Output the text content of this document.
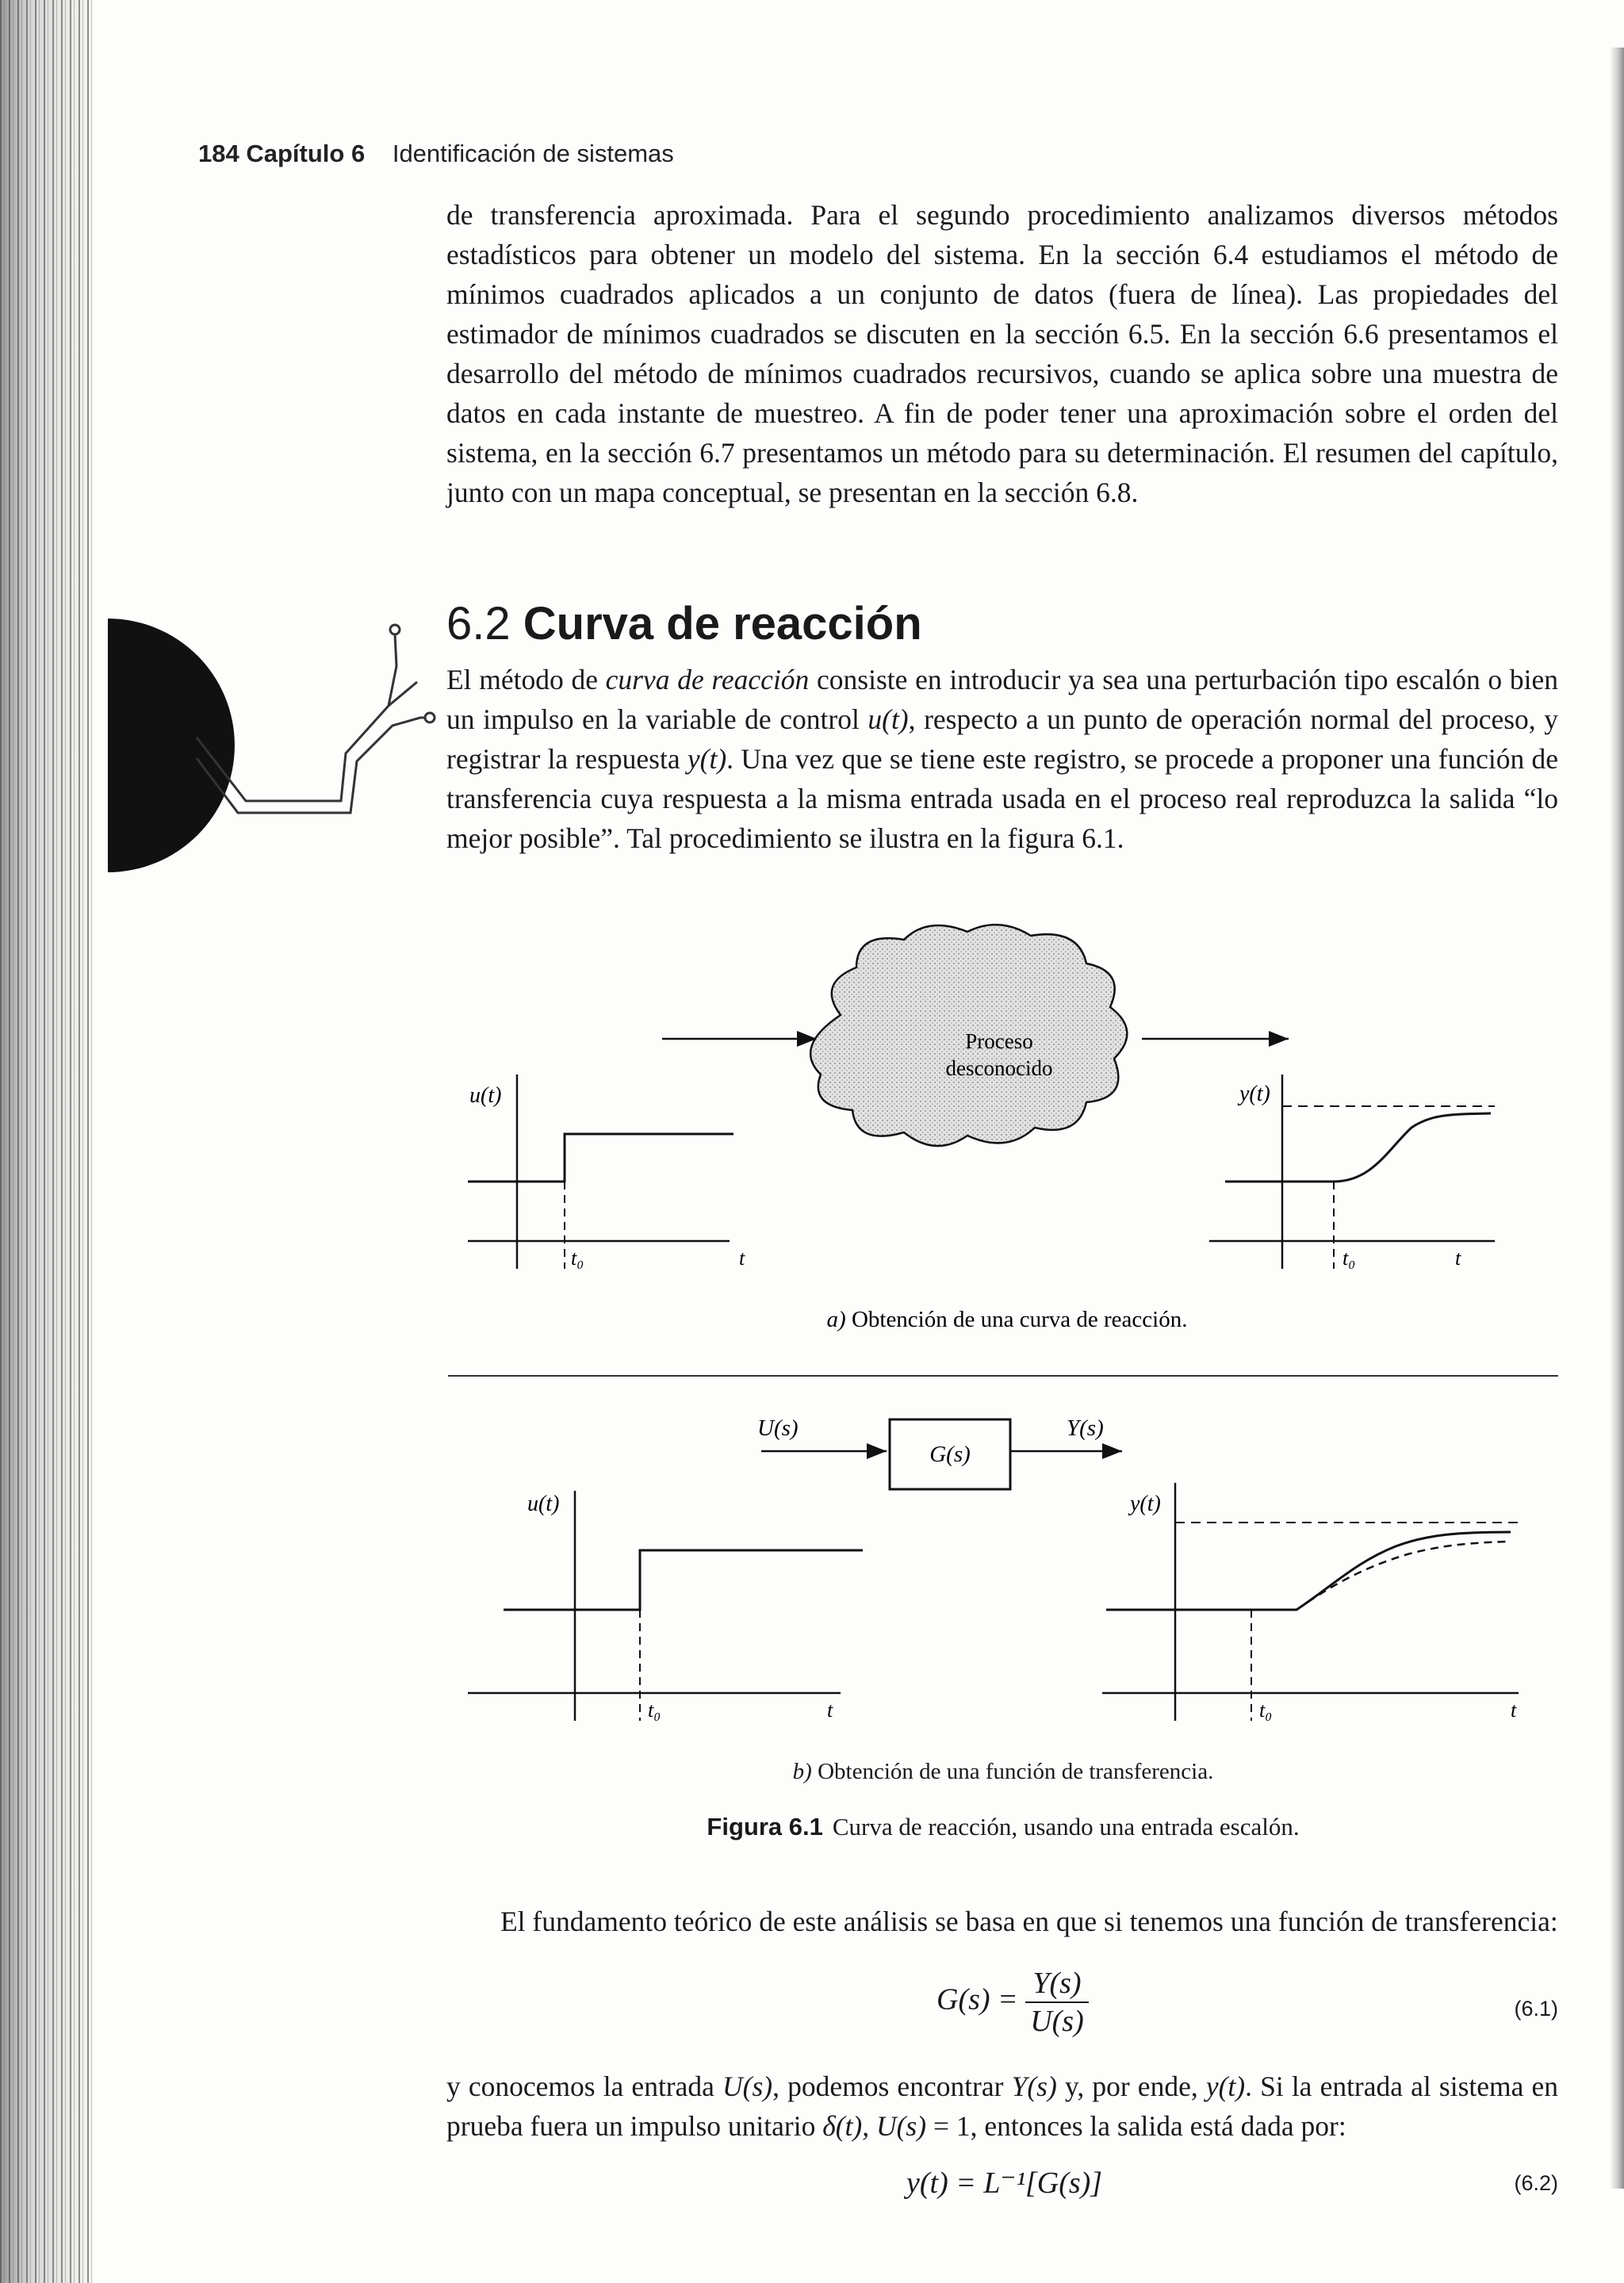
184 Capítulo 6 Identificación de sistemas

de transferencia aproximada. Para el segundo procedimiento analizamos diversos métodos estadísticos para obtener un modelo del sistema. En la sección 6.4 estudiamos el método de mínimos cuadrados aplicados a un conjunto de datos (fuera de línea). Las propiedades del estimador de mínimos cuadrados se discuten en la sección 6.5. En la sección 6.6 presentamos el desarrollo del método de mínimos cuadrados recursivos, cuando se aplica sobre una muestra de datos en cada instante de muestreo. A fin de poder tener una aproximación sobre el orden del sistema, en la sección 6.7 presentamos un método para su determinación. El resumen del capítulo, junto con un mapa conceptual, se presentan en la sección 6.8.

6.2 Curva de reacción

El método de curva de reacción consiste en introducir ya sea una perturbación tipo escalón o bien un impulso en la variable de control u(t), respecto a un punto de operación normal del proceso, y registrar la respuesta y(t). Una vez que se tiene este registro, se procede a proponer una función de transferencia cuya respuesta a la misma entrada usada en el proceso real reproduzca la salida “lo mejor posible”. Tal procedimiento se ilustra en la figura 6.1.

Proceso
desconocido
u(t)
t₀	t
y(t)
t₀	t
a) Obtención de una curva de reacción.
G(s)
U(s)	Y(s)
u(t)
t₀	t
y(t)
t₀	t
b) Obtención de una función de transferencia.
Figura 6.1 Curva de reacción, usando una entrada escalón.

El fundamento teórico de este análisis se basa en que si tenemos una función de transferencia:

$G(s) = \frac{Y(s)}{U(s)}$	(6.1)

y conocemos la entrada U(s), podemos encontrar Y(s) y, por ende, y(t). Si la entrada al sistema en prueba fuera un impulso unitario δ(t), U(s) = 1, entonces la salida está dada por:

y(t) = L⁻¹[G(s)]	(6.2)
